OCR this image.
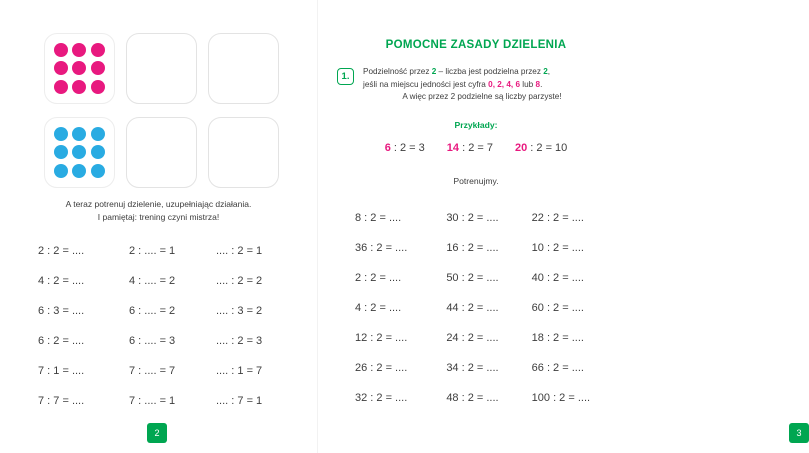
A teraz potrenuj dzielenie, uzupełniając działania.
I pamiętaj: trening czyni mistrza!
2 : 2 = ....	2 : .... = 1	.... : 2 = 1
4 : 2 = ....	4 : .... = 2	.... : 2 = 2
6 : 3 = ....	6 : .... = 2	.... : 3 = 2
6 : 2 = ....	6 : .... = 3	.... : 2 = 3
7 : 1 = ....	7 : .... = 7	.... : 1 = 7
7 : 7 = ....	7 : .... = 1	.... : 7 = 1
2
POMOCNE ZASADY DZIELENIA
1.	Podzielność przez 2 – liczba jest podzielna przez 2,
jeśli na miejscu jedności jest cyfra 0, 2, 4, 6 lub 8.
A więc przez 2 podzielne są liczby parzyste!
Przykłady:
6 : 2 = 3 14 : 2 = 7 20 : 2 = 10
Potrenujmy.
8 : 2 = ....	30 : 2 = ....	22 : 2 = ....
36 : 2 = ....	16 : 2 = ....	10 : 2 = ....
2 : 2 = ....	50 : 2 = ....	40 : 2 = ....
4 : 2 = ....	44 : 2 = ....	60 : 2 = ....
12 : 2 = ....	24 : 2 = ....	18 : 2 = ....
26 : 2 = ....	34 : 2 = ....	66 : 2 = ....
32 : 2 = ....	48 : 2 = ....	100 : 2 = ....
3
